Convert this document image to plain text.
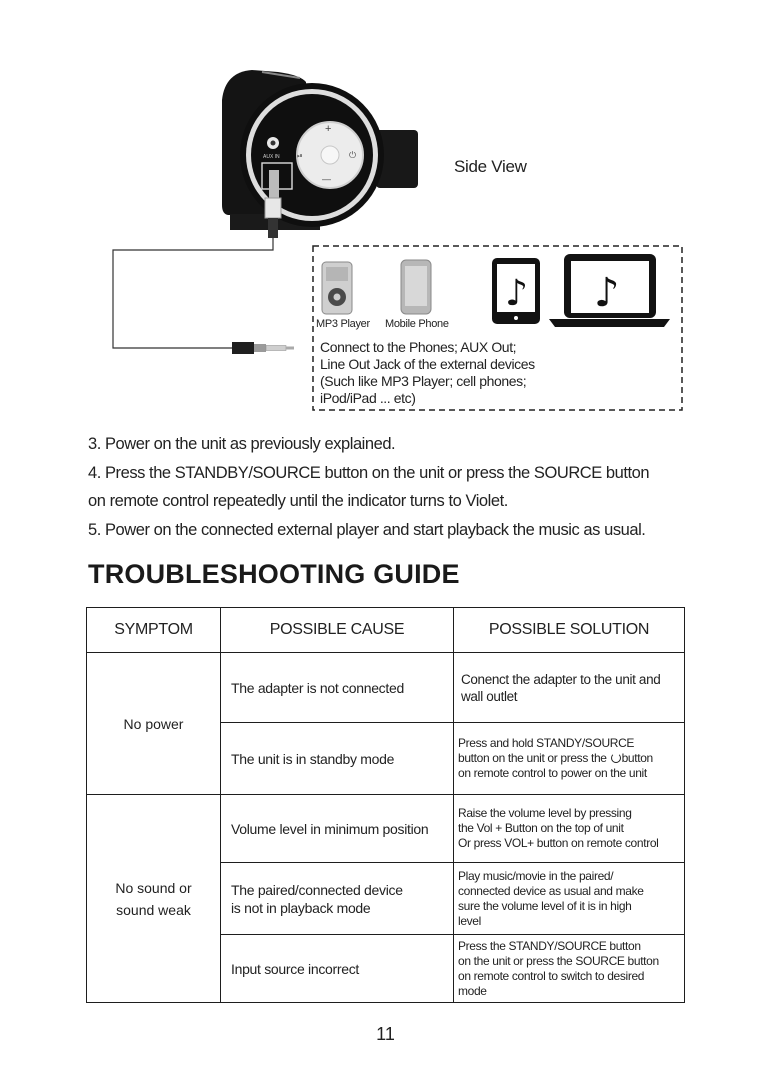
+
—
⏻
⏯
AUX IN
♪ ♪
Side View
MP3 Player Mobile Phone
Connect to the Phones; AUX Out;
Line Out Jack of the external devices
(Such like MP3 Player; cell phones;
iPod/iPad ... etc)

3. Power on the unit as previously explained.

4. Press the STANDBY/SOURCE button on the unit or press the SOURCE button

on remote control repeatedly until the indicator turns to Violet.

5. Power on the connected external player and start playback the music as usual.

TROUBLESHOOTING GUIDE
SYMPTOM	POSSIBLE CAUSE	POSSIBLE SOLUTION
No power	The adapter is not connected	Conenct the adapter to the unit and
wall outlet

	The unit is in standby mode	Press and hold STANDY/SOURCE
button on the unit or press the button
on remote control to power on the unit

No sound or
sound weak	Volume level in minimum position	Raise the volume level by pressing
the Vol + Button on the top of unit
Or press VOL+ button on remote control

	The paired/connected device
is not in playback mode	Play music/movie in the paired/
connected device as usual and make
sure the volume level of it is in high
level

	Input source incorrect	Press the STANDY/SOURCE button
on the unit or press the SOURCE button
on remote control to switch to desired
mode
11
